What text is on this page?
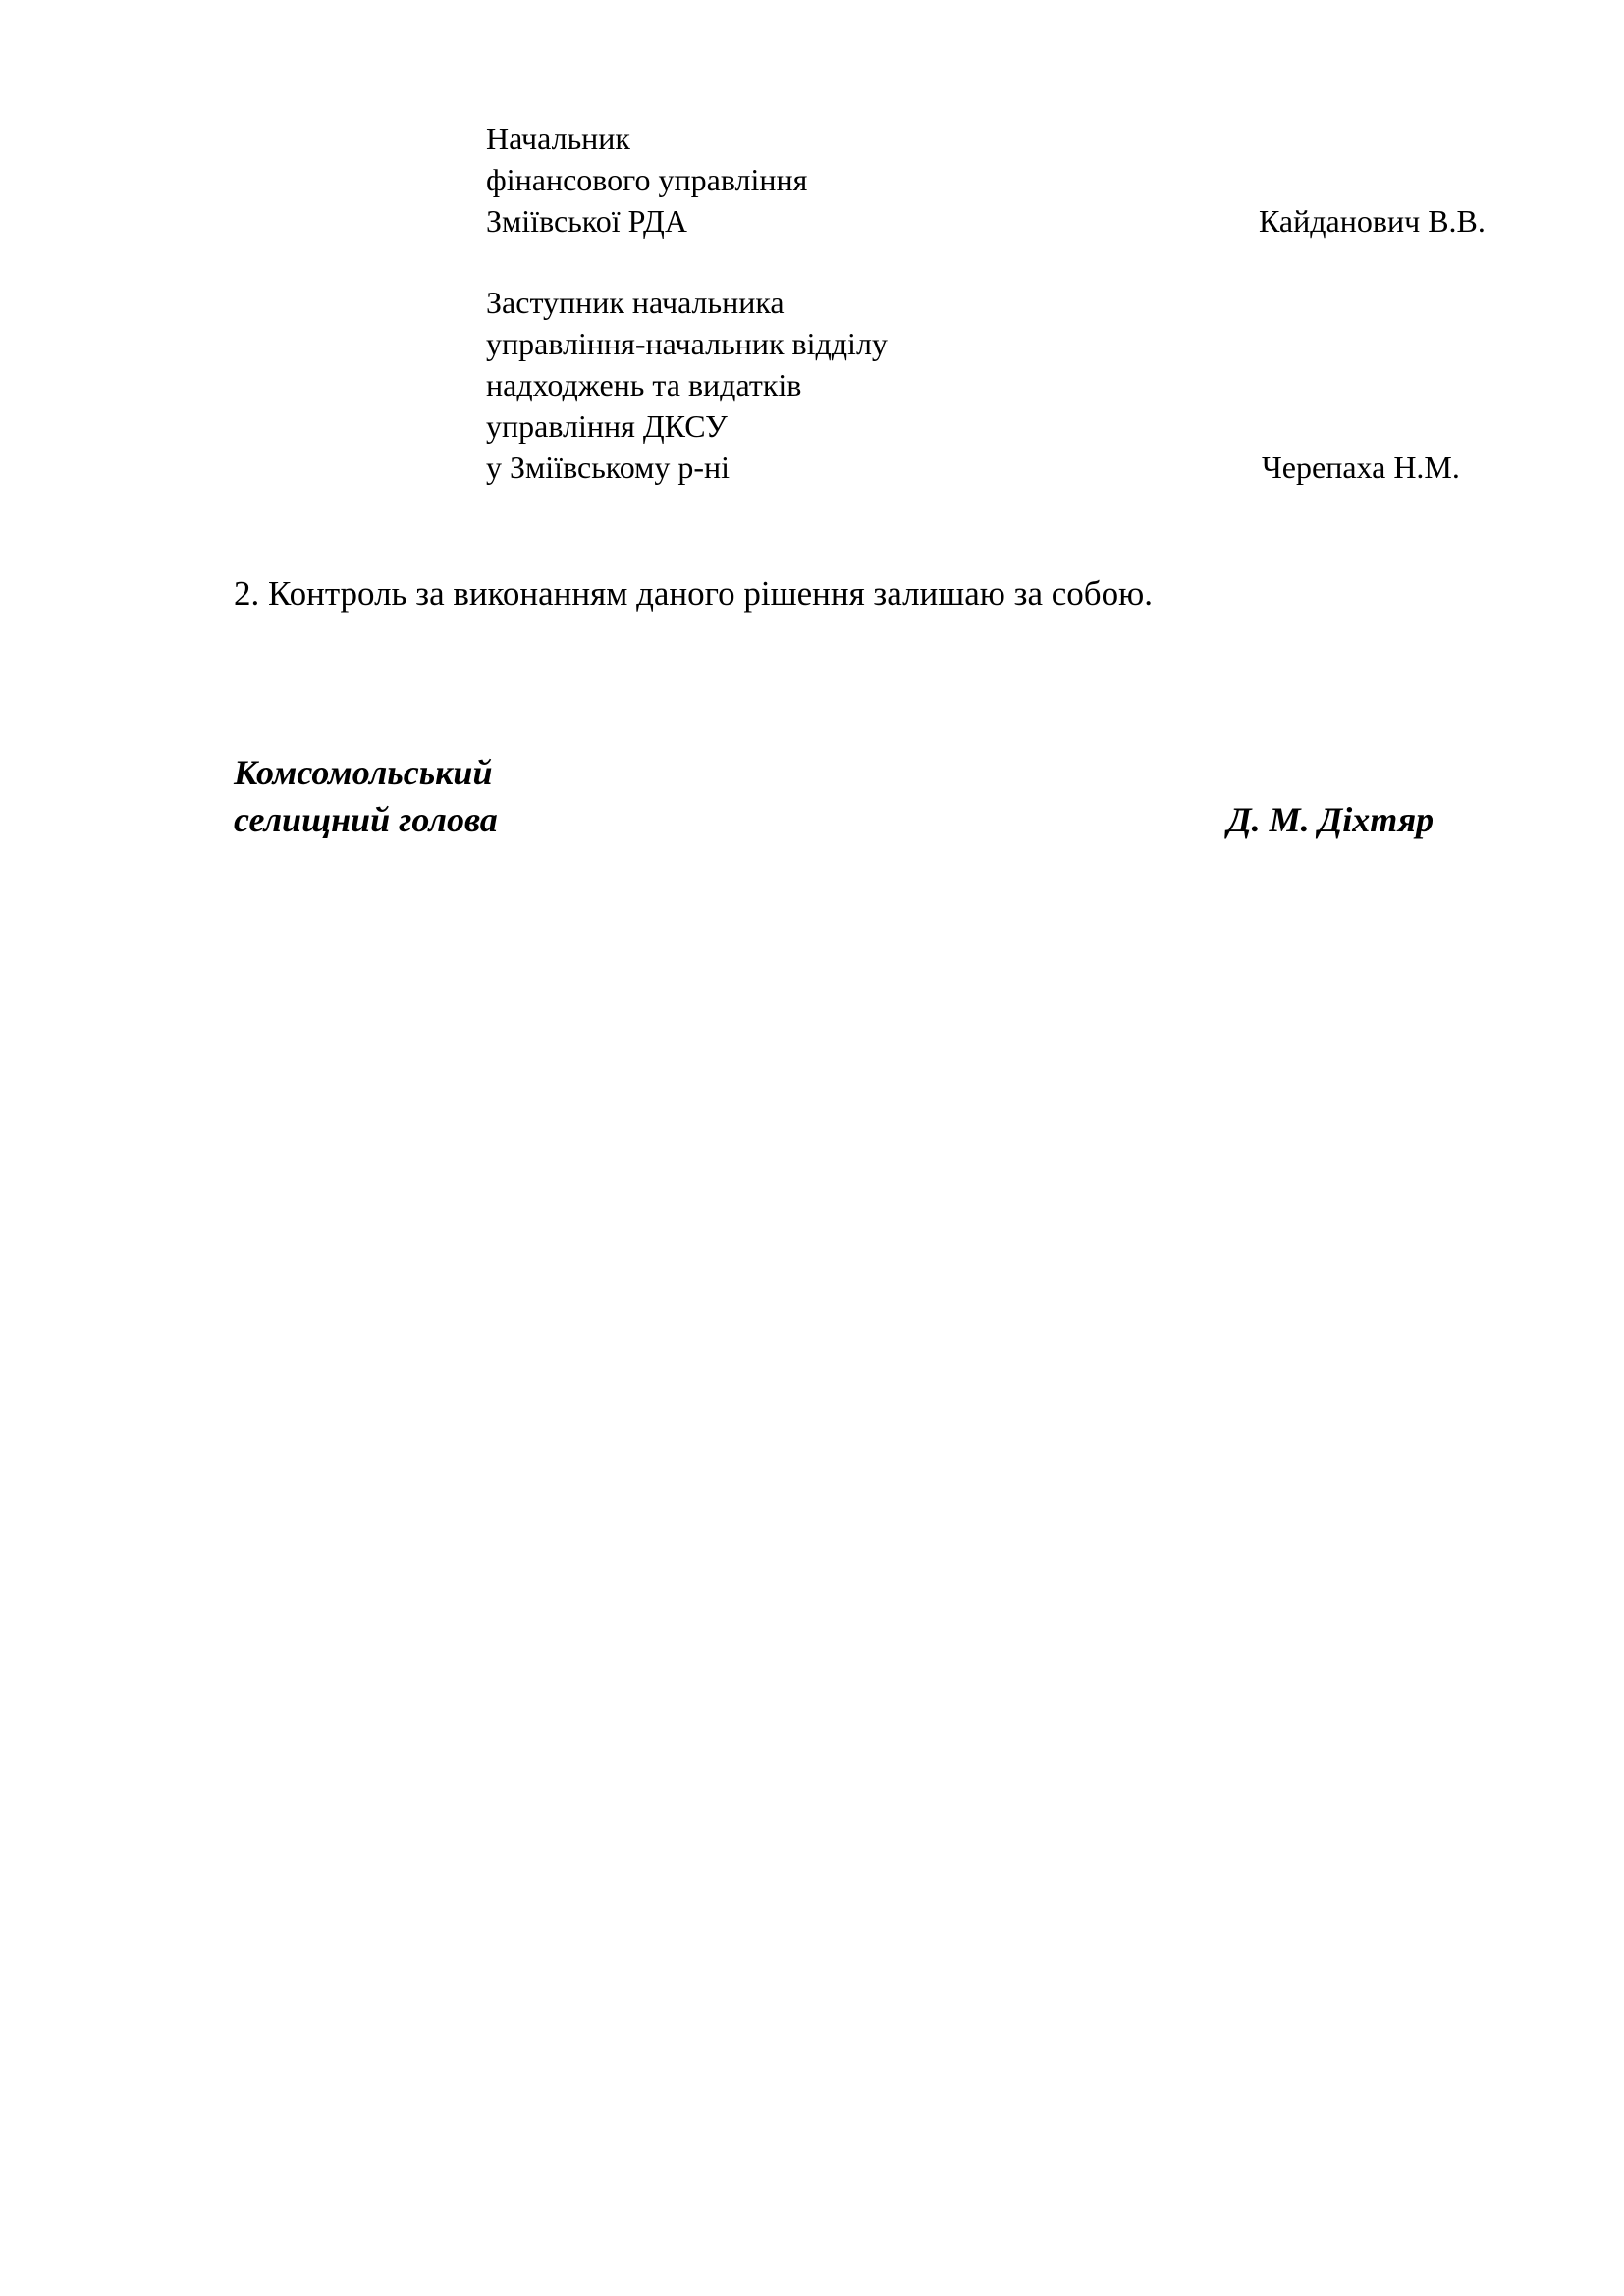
Начальник
фінансового управління
Зміївської РДА	Кайданович В.В.
Заступник начальника
управління-начальник відділу
надходжень та видатків
управління ДКСУ
у Зміївському р-ні	Черепаха Н.М.
2. Контроль за виконанням даного рішення залишаю за собою.
Комсомольський
селищний голова	Д. М. Діхтяр
